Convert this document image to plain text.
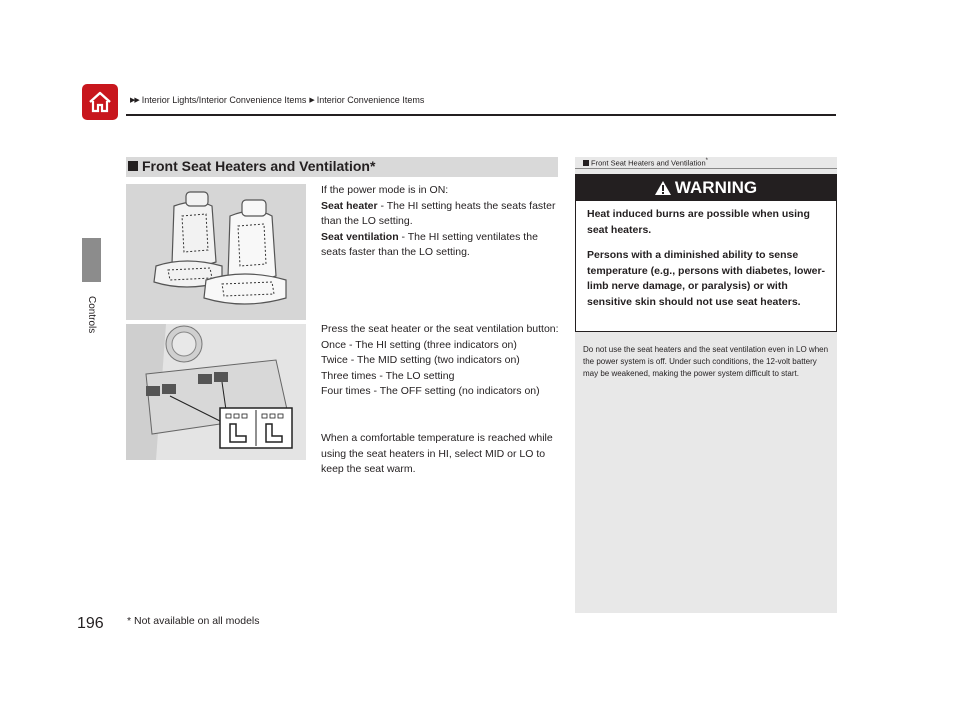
▶▶ Interior Lights/Interior Convenience Items ▶ Interior Convenience Items
Controls
Front Seat Heaters and Ventilation*
If the power mode is in ON:
Seat heater - The HI setting heats the seats faster than the LO setting.
Seat ventilation - The HI setting ventilates the seats faster than the LO setting.
Press the seat heater or the seat ventilation button:
Once - The HI setting (three indicators on)
Twice - The MID setting (two indicators on)
Three times - The LO setting
Four times - The OFF setting (no indicators on)
When a comfortable temperature is reached while using the seat heaters in HI, select MID or LO to keep the seat warm.
Front Seat Heaters and Ventilation*
WARNING

Heat induced burns are possible when using seat heaters.

Persons with a diminished ability to sense temperature (e.g., persons with diabetes, lower-limb nerve damage, or paralysis) or with sensitive skin should not use seat heaters.

Do not use the seat heaters and the seat ventilation even in LO when the power system is off. Under such conditions, the 12-volt battery may be weakened, making the power system difficult to start.
196 * Not available on all models
